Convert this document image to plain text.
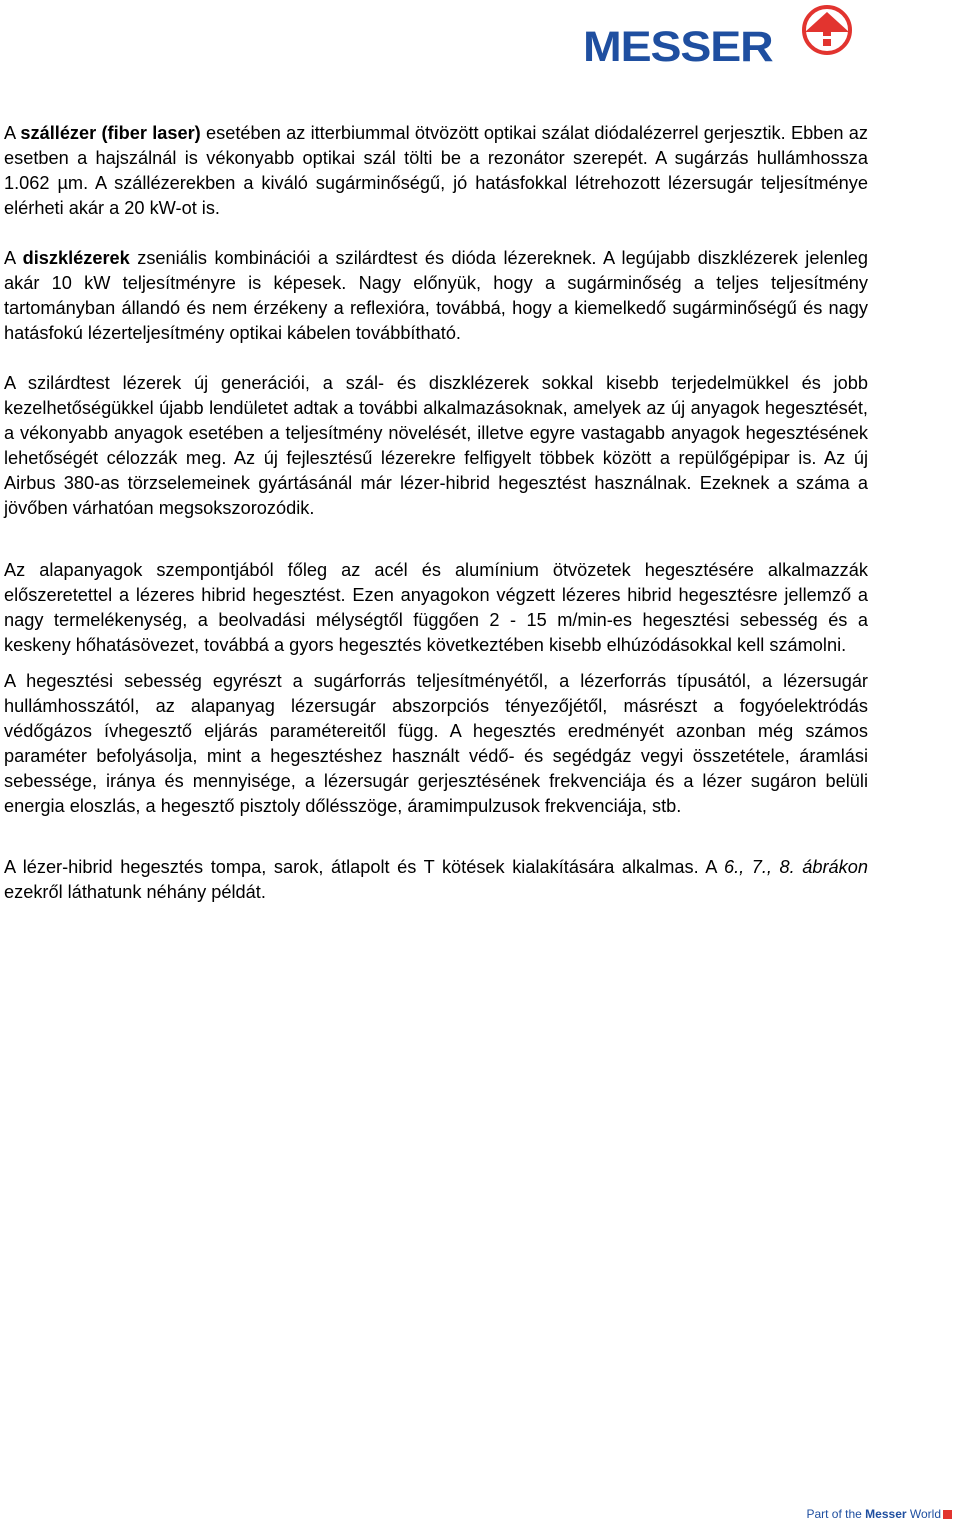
MESSER

A szállézer (fiber laser) esetében az itterbiummal ötvözött optikai szálat diódalézerrel gerjesztik. Ebben az esetben a hajszálnál is vékonyabb optikai szál tölti be a rezonátor szerepét. A sugárzás hullámhossza 1.062 µm. A szállézerekben a kiváló sugárminőségű, jó hatásfokkal létrehozott lézersugár teljesítménye elérheti akár a 20 kW-ot is.

A diszklézerek zseniális kombinációi a szilárdtest és dióda lézereknek. A legújabb diszklézerek jelenleg akár 10 kW teljesítményre is képesek. Nagy előnyük, hogy a sugárminőség a teljes teljesítmény tartományban állandó és nem érzékeny a reflexióra, továbbá, hogy a kiemelkedő sugárminőségű és nagy hatásfokú lézerteljesítmény optikai kábelen továbbítható.

A szilárdtest lézerek új generációi, a szál- és diszklézerek sokkal kisebb terjedelmükkel és jobb kezelhetőségükkel újabb lendületet adtak a további alkalmazásoknak, amelyek az új anyagok hegesztését, a vékonyabb anyagok esetében a teljesítmény növelését, illetve egyre vastagabb anyagok hegesztésének lehetőségét célozzák meg. Az új fejlesztésű lézerekre felfigyelt többek között a repülőgépipar is. Az új Airbus 380-as törzselemeinek gyártásánál már lézer-hibrid hegesztést használnak. Ezeknek a száma a jövőben várhatóan megsokszorozódik.

Az alapanyagok szempontjából főleg az acél és alumínium ötvözetek hegesztésére alkalmazzák előszeretettel a lézeres hibrid hegesztést. Ezen anyagokon végzett lézeres hibrid hegesztésre jellemző a nagy termelékenység, a beolvadási mélységtől függően 2 - 15 m/min-es hegesztési sebesség és a keskeny hőhatásövezet, továbbá a gyors hegesztés következtében kisebb elhúzódásokkal kell számolni.

A hegesztési sebesség egyrészt a sugárforrás teljesítményétől, a lézerforrás típusától, a lézersugár hullámhosszától, az alapanyag lézersugár abszorpciós tényezőjétől, másrészt a fogyóelektródás védőgázos ívhegesztő eljárás paramétereitől függ. A hegesztés eredményét azonban még számos paraméter befolyásolja, mint a hegesztéshez használt védő- és segédgáz vegyi összetétele, áramlási sebessége, iránya és mennyisége, a lézersugár gerjesztésének frekvenciája és a lézer sugáron belüli energia eloszlás, a hegesztő pisztoly dőlésszöge, áramimpulzusok frekvenciája, stb.

A lézer-hibrid hegesztés tompa, sarok, átlapolt és T kötések kialakítására alkalmas. A 6., 7., 8. ábrákon ezekről láthatunk néhány példát.

Part of the Messer World
